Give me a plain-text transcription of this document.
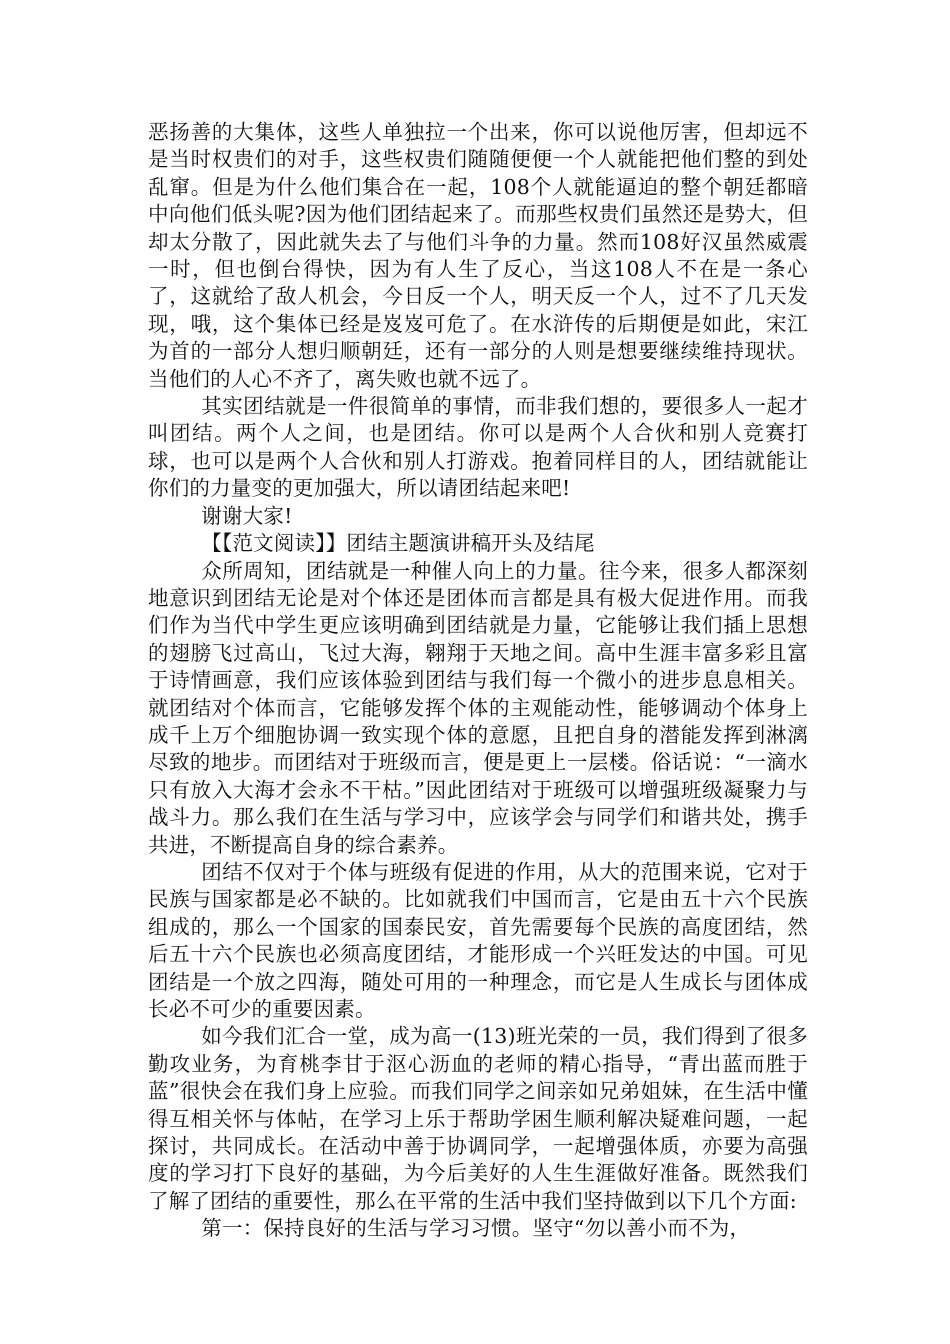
恶扬善的大集体，这些人单独拉一个出来，你可以说他厉害，但却远不是当时权贵们的对手，这些权贵们随随便便一个人就能把他们整的到处乱窜。但是为什么他们集合在一起，108个人就能逼迫的整个朝廷都暗中向他们低头呢?因为他们团结起来了。而那些权贵们虽然还是势大，但却太分散了，因此就失去了与他们斗争的力量。然而108好汉虽然威震一时，但也倒台得快，因为有人生了反心，当这108人不在是一条心了，这就给了敌人机会，今日反一个人，明天反一个人，过不了几天发现，哦，这个集体已经是岌岌可危了。在水浒传的后期便是如此，宋江为首的一部分人想归顺朝廷，还有一部分的人则是想要继续维持现状。当他们的人心不齐了，离失败也就不远了。

其实团结就是一件很简单的事情，而非我们想的，要很多人一起才叫团结。两个人之间，也是团结。你可以是两个人合伙和别人竞赛打球，也可以是两个人合伙和别人打游戏。抱着同样目的人，团结就能让你们的力量变的更加强大，所以请团结起来吧!

谢谢大家!

【【范文阅读】】团结主题演讲稿开头及结尾

众所周知，团结就是一种催人向上的力量。往今来，很多人都深刻地意识到团结无论是对个体还是团体而言都是具有极大促进作用。而我们作为当代中学生更应该明确到团结就是力量，它能够让我们插上思想的翅膀飞过高山，飞过大海，翱翔于天地之间。高中生涯丰富多彩且富于诗情画意，我们应该体验到团结与我们每一个微小的进步息息相关。就团结对个体而言，它能够发挥个体的主观能动性，能够调动个体身上成千上万个细胞协调一致实现个体的意愿，且把自身的潜能发挥到淋漓尽致的地步。而团结对于班级而言，便是更上一层楼。俗话说：“一滴水只有放入大海才会永不干枯。”因此团结对于班级可以增强班级凝聚力与战斗力。那么我们在生活与学习中，应该学会与同学们和谐共处，携手共进，不断提高自身的综合素养。

团结不仅对于个体与班级有促进的作用，从大的范围来说，它对于民族与国家都是必不缺的。比如就我们中国而言，它是由五十六个民族组成的，那么一个国家的国泰民安，首先需要每个民族的高度团结，然后五十六个民族也必须高度团结，才能形成一个兴旺发达的中国。可见团结是一个放之四海，随处可用的一种理念，而它是人生成长与团体成长必不可少的重要因素。

如今我们汇合一堂，成为高一(13)班光荣的一员，我们得到了很多勤攻业务，为育桃李甘于沤心沥血的老师的精心指导，“青出蓝而胜于蓝”很快会在我们身上应验。而我们同学之间亲如兄弟姐妹，在生活中懂得互相关怀与体帖，在学习上乐于帮助学困生顺利解决疑难问题，一起探讨，共同成长。在活动中善于协调同学，一起增强体质，亦要为高强度的学习打下良好的基础，为今后美好的人生生涯做好准备。既然我们了解了团结的重要性，那么在平常的生活中我们坚持做到以下几个方面:

第一：保持良好的生活与学习习惯。坚守“勿以善小而不为，
